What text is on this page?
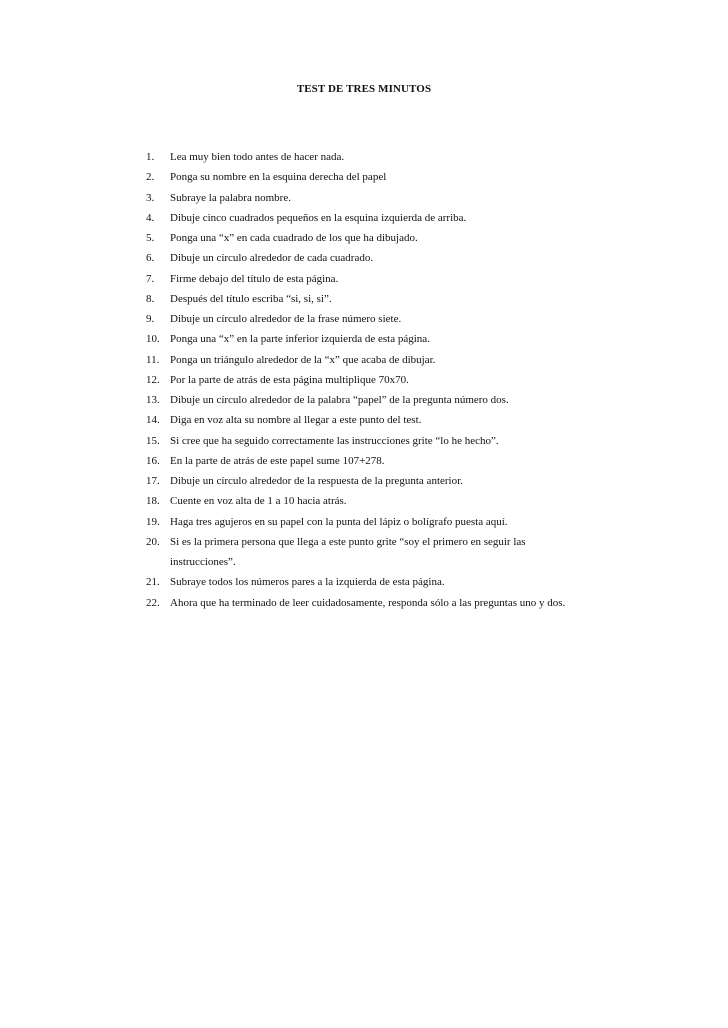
TEST DE TRES MINUTOS
1.	Lea muy bien todo antes de hacer nada.
2.	Ponga su nombre en la esquina derecha del papel
3.	Subraye la palabra nombre.
4.	Dibuje cinco cuadrados pequeños en la esquina izquierda de arriba.
5.	Ponga una “x” en cada cuadrado de los que ha dibujado.
6.	Dibuje un círculo alrededor de cada cuadrado.
7.	Firme debajo del título de esta página.
8.	Después del título escriba “si, si, si”.
9.	Dibuje un círculo alrededor de la frase número siete.
10. Ponga una “x” en la parte inferior izquierda de esta página.
11. Ponga un triángulo alrededor de la “x” que acaba de dibujar.
12. Por la parte de atrás de esta página multiplique 70x70.
13. Dibuje un círculo alrededor de la palabra “papel” de la pregunta número dos.
14. Diga en voz alta su nombre al llegar a este punto del test.
15. Si cree que ha seguido correctamente las instrucciones grite “lo he hecho”.
16. En la parte de atrás de este papel sume 107+278.
17. Dibuje un círculo alrededor de la respuesta de la pregunta anterior.
18. Cuente en voz alta de 1 a 10 hacia atrás.
19. Haga tres agujeros en su papel con la punta del lápiz o bolígrafo puesta aquí.
20. Si es la primera persona que llega a este punto grite “soy el primero en seguir las instrucciones”.
21. Subraye todos los números pares a la izquierda de esta página.
22. Ahora que ha terminado de leer cuidadosamente, responda sólo a las preguntas uno y dos.
